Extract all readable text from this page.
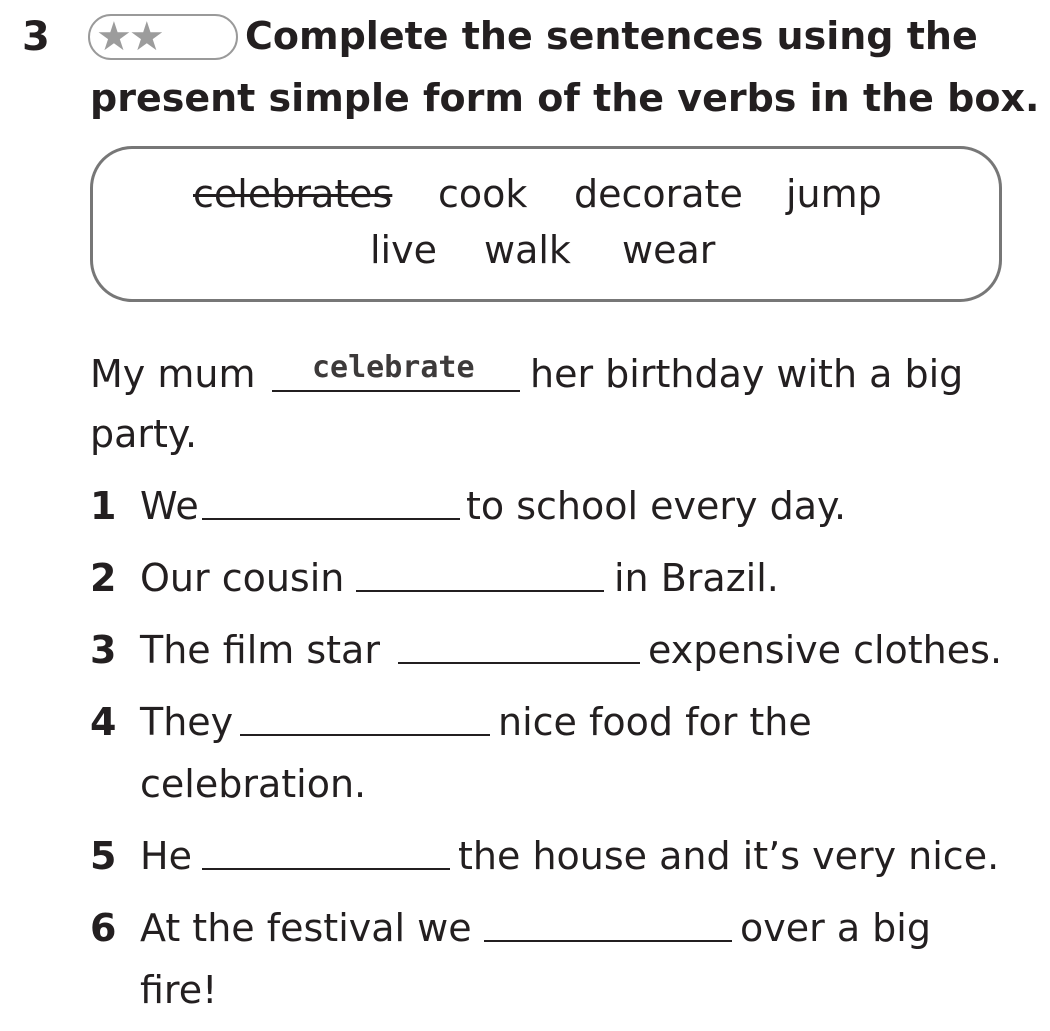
3 ★★ Complete the sentences using the
present simple form of the verbs in the box.
celebrates cook decorate jump
live walk wear
My mum celebrate her birthday with a big
party.
1 We	to school every day.
2 Our cousin	in Brazil.
3 The film star	expensive clothes.
4 They	nice food for the
celebration.
5 He	the house and it’s very nice.
6 At the festival we	over a big
fire!
